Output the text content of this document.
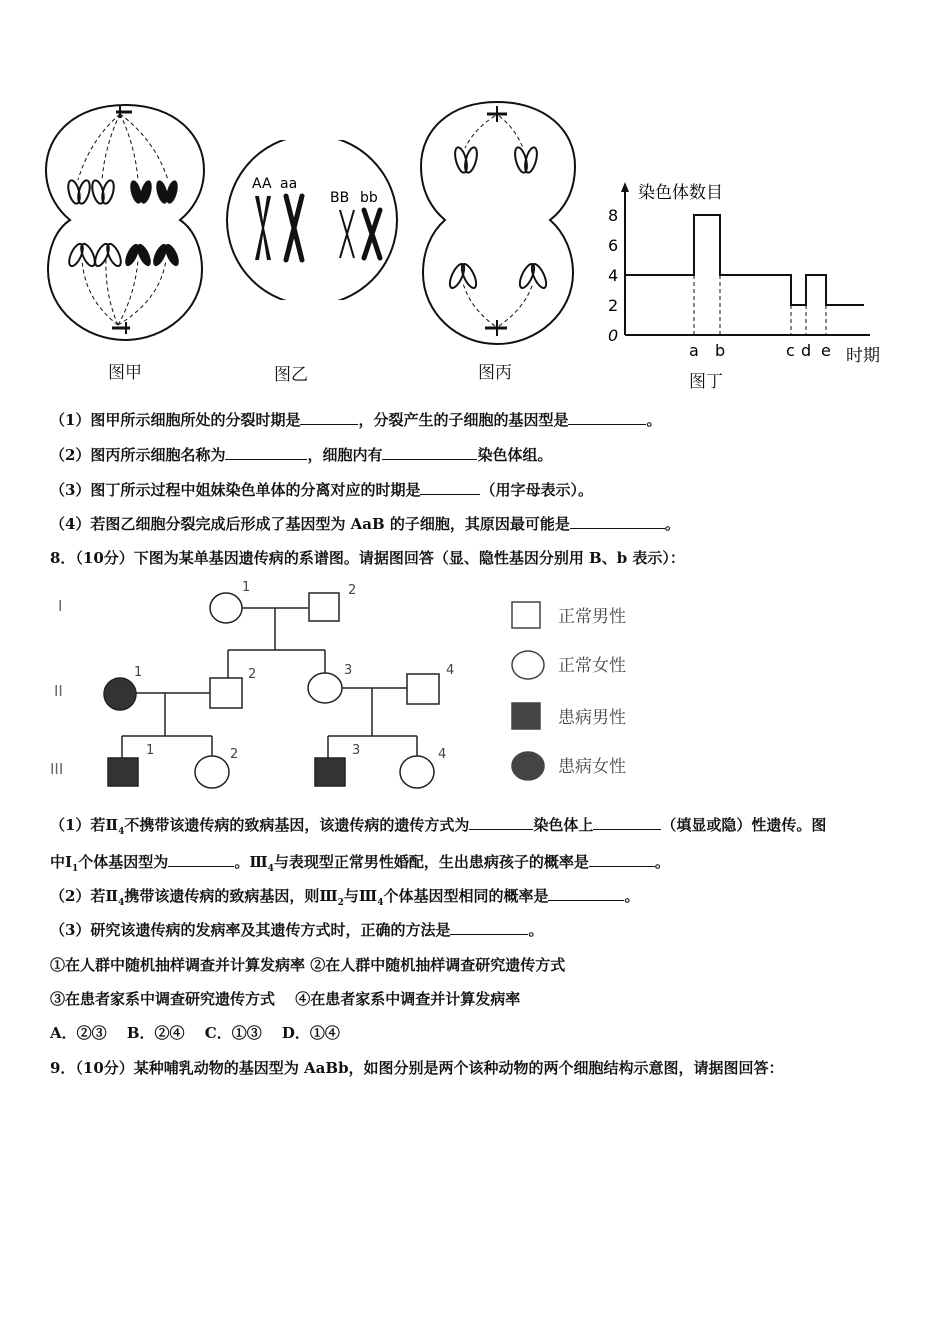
图甲
AA aa
BB bb
图乙	图丙
染色体数目
时期
0
2
4
6
8
a b	c d e
图丁
（1）图甲所示细胞所处的分裂时期是	，分裂产生的子细胞的基因型是	。
（2）图丙所示细胞名称为	，细胞内有	染色体组。
（3）图丁所示过程中姐妹染色单体的分离对应的时期是	（用字母表示）。
（4）若图乙细胞分裂完成后形成了基因型为 AaB 的子细胞，其原因最可能是	。
8．（10分）下图为某单基因遗传病的系谱图。请据图回答（显、隐性基因分别用 B、b 表示）：
I
II
III
1	2
1	2	3	4
1	2	3	4
正常男性
正常女性
患病男性
患病女性
（1）若$Ⅱ_4$不携带该遗传病的致病基因，该遗传病的遗传方式为	染色体上	（填显或隐）性遗传。图
中$Ⅰ_1$个体基因型为	。$Ⅲ_4$与表现型正常男性婚配，生出患病孩子的概率是	。
（2）若$Ⅱ_4$携带该遗传病的致病基因，则$Ⅲ_2$与$Ⅲ_4$个体基因型相同的概率是	。
（3）研究该遗传病的发病率及其遗传方式时，正确的方法是	。
①在人群中随机抽样调查并计算发病率 ②在人群中随机抽样调查研究遗传方式
③在患者家系中调查研究遗传方式　 ④在患者家系中调查并计算发病率
A．②③　 B．②④　 C．①③　 D．①④
9．（10分）某种哺乳动物的基因型为 AaBb，如图分别是两个该种动物的两个细胞结构示意图，请据图回答：
